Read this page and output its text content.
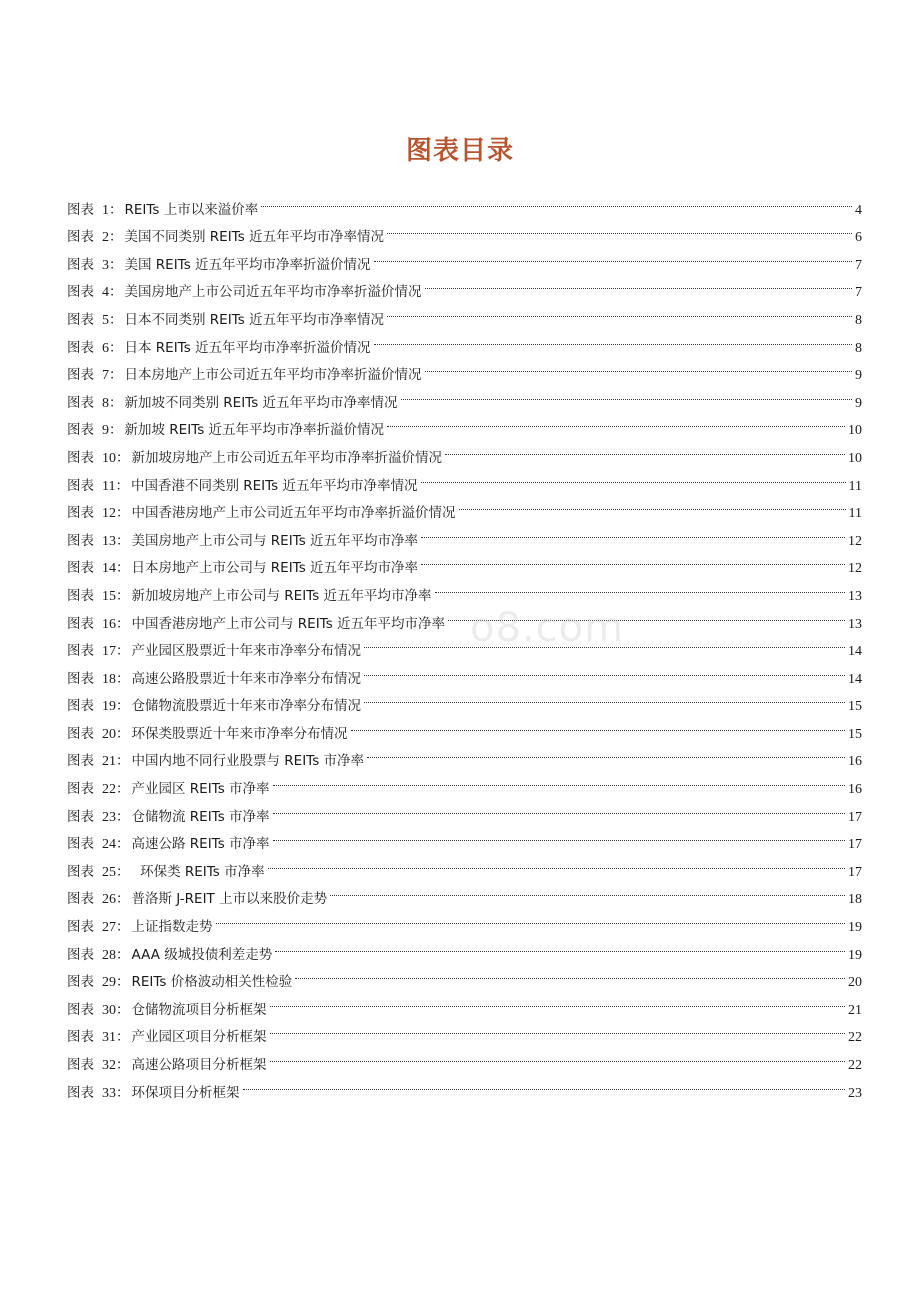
图表目录
图表 1 ： REITs 上市以来溢价率	4
图表 2 ： 美国不同类别 REITs 近五年平均市净率情况	6
图表 3 ： 美国 REITs 近五年平均市净率折溢价情况	7
图表 4 ： 美国房地产上市公司近五年平均市净率折溢价情况	7
图表 5 ： 日本不同类别 REITs 近五年平均市净率情况	8
图表 6 ： 日本 REITs 近五年平均市净率折溢价情况	8
图表 7 ： 日本房地产上市公司近五年平均市净率折溢价情况	9
图表 8 ： 新加坡不同类别 REITs 近五年平均市净率情况	9
图表 9 ： 新加坡 REITs 近五年平均市净率折溢价情况	10
图表 10 ： 新加坡房地产上市公司近五年平均市净率折溢价情况	10
图表 11 ： 中国香港不同类别 REITs 近五年平均市净率情况	11
图表 12 ： 中国香港房地产上市公司近五年平均市净率折溢价情况	11
图表 13 ： 美国房地产上市公司与 REITs 近五年平均市净率	12
图表 14 ： 日本房地产上市公司与 REITs 近五年平均市净率	12
图表 15 ： 新加坡房地产上市公司与 REITs 近五年平均市净率	13
图表 16 ： 中国香港房地产上市公司与 REITs 近五年平均市净率	13
图表 17 ： 产业园区股票近十年来市净率分布情况	14
图表 18 ： 高速公路股票近十年来市净率分布情况	14
图表 19 ： 仓储物流股票近十年来市净率分布情况	15
图表 20 ： 环保类股票近十年来市净率分布情况	15
图表 21 ： 中国内地不同行业股票与 REITs 市净率	16
图表 22 ： 产业园区 REITs 市净率	16
图表 23 ： 仓储物流 REITs 市净率	17
图表 24 ： 高速公路 REITs 市净率	17
图表 25 ： 环保类 REITs 市净率	17
图表 26 ： 普洛斯 J-REIT 上市以来股价走势	18
图表 27 ： 上证指数走势	19
图表 28 ： AAA 级城投债利差走势	19
图表 29 ： REITs 价格波动相关性检验	20
图表 30 ： 仓储物流项目分析框架	21
图表 31 ： 产业园区项目分析框架	22
图表 32 ： 高速公路项目分析框架	22
图表 33 ： 环保项目分析框架	23
o8.com
